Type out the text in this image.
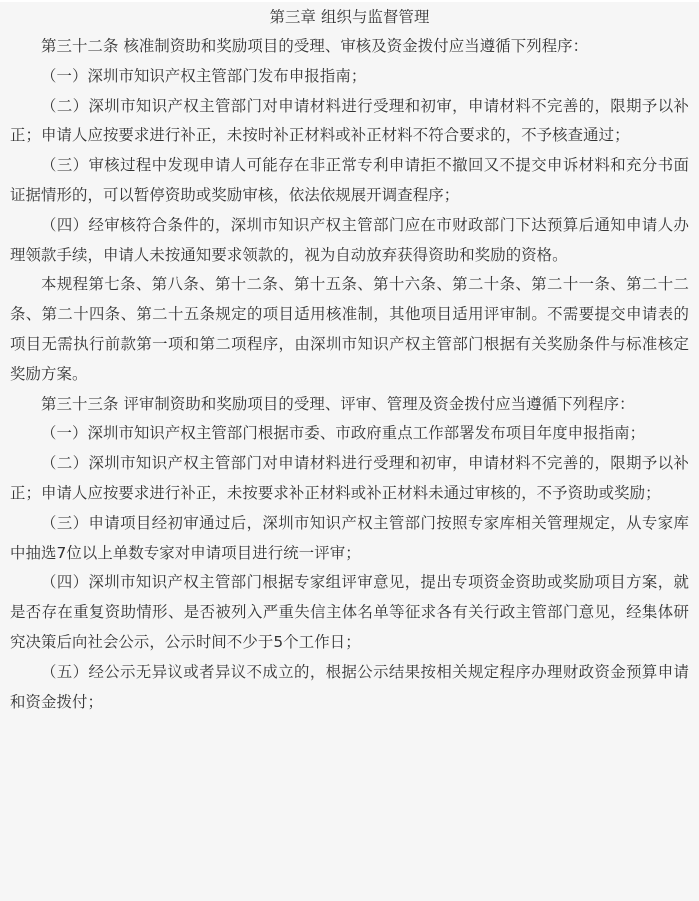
第三章 组织与监督管理

第三十二条 核准制资助和奖励项目的受理、审核及资金拨付应当遵循下列程序：

（一）深圳市知识产权主管部门发布申报指南；

（二）深圳市知识产权主管部门对申请材料进行受理和初审，申请材料不完善的，限期予以补正；申请人应按要求进行补正，未按时补正材料或补正材料不符合要求的，不予核查通过；

（三）审核过程中发现申请人可能存在非正常专利申请拒不撤回又不提交申诉材料和充分书面证据情形的，可以暂停资助或奖励审核，依法依规展开调查程序；

（四）经审核符合条件的，深圳市知识产权主管部门应在市财政部门下达预算后通知申请人办理领款手续，申请人未按通知要求领款的，视为自动放弃获得资助和奖励的资格。

本规程第七条、第八条、第十二条、第十五条、第十六条、第二十条、第二十一条、第二十二条、第二十四条、第二十五条规定的项目适用核准制，其他项目适用评审制。不需要提交申请表的项目无需执行前款第一项和第二项程序，由深圳市知识产权主管部门根据有关奖励条件与标准核定奖励方案。

第三十三条 评审制资助和奖励项目的受理、评审、管理及资金拨付应当遵循下列程序：

（一）深圳市知识产权主管部门根据市委、市政府重点工作部署发布项目年度申报指南；

（二）深圳市知识产权主管部门对申请材料进行受理和初审，申请材料不完善的，限期予以补正；申请人应按要求进行补正，未按要求补正材料或补正材料未通过审核的，不予资助或奖励；

（三）申请项目经初审通过后，深圳市知识产权主管部门按照专家库相关管理规定，从专家库中抽选7位以上单数专家对申请项目进行统一评审；

（四）深圳市知识产权主管部门根据专家组评审意见，提出专项资金资助或奖励项目方案，就是否存在重复资助情形、是否被列入严重失信主体名单等征求各有关行政主管部门意见，经集体研究决策后向社会公示，公示时间不少于5个工作日；

（五）经公示无异议或者异议不成立的，根据公示结果按相关规定程序办理财政资金预算申请和资金拨付；
